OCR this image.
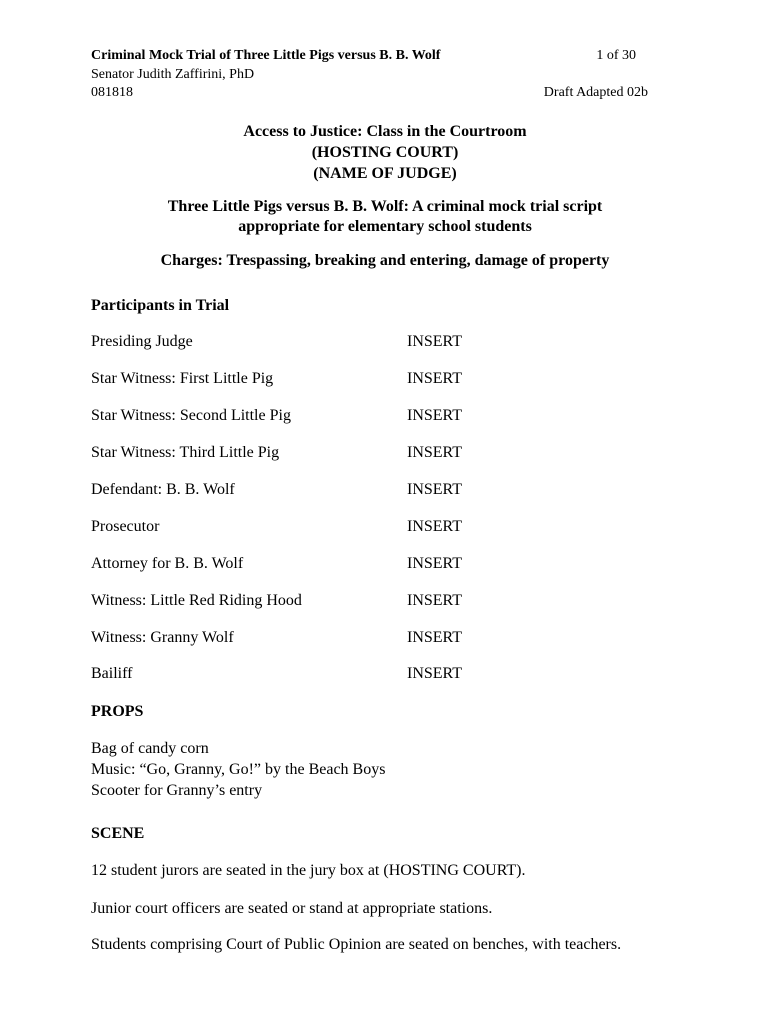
Criminal Mock Trial of Three Little Pigs versus B. B. Wolf	1 of 30
Senator Judith Zaffirini, PhD
081818	Draft Adapted 02b
Access to Justice: Class in the Courtroom
(HOSTING COURT)
(NAME OF JUDGE)
Three Little Pigs versus B. B. Wolf: A criminal mock trial script
appropriate for elementary school students
Charges: Trespassing, breaking and entering, damage of property
Participants in Trial
Presiding Judge	INSERT
Star Witness: First Little Pig	INSERT
Star Witness: Second Little Pig	INSERT
Star Witness: Third Little Pig	INSERT
Defendant: B. B. Wolf	INSERT
Prosecutor	INSERT
Attorney for B. B. Wolf	INSERT
Witness: Little Red Riding Hood	INSERT
Witness: Granny Wolf	INSERT
Bailiff	INSERT
PROPS
Bag of candy corn
Music: “Go, Granny, Go!” by the Beach Boys
Scooter for Granny’s entry
SCENE
12 student jurors are seated in the jury box at (HOSTING COURT).
Junior court officers are seated or stand at appropriate stations.
Students comprising Court of Public Opinion are seated on benches, with teachers.
